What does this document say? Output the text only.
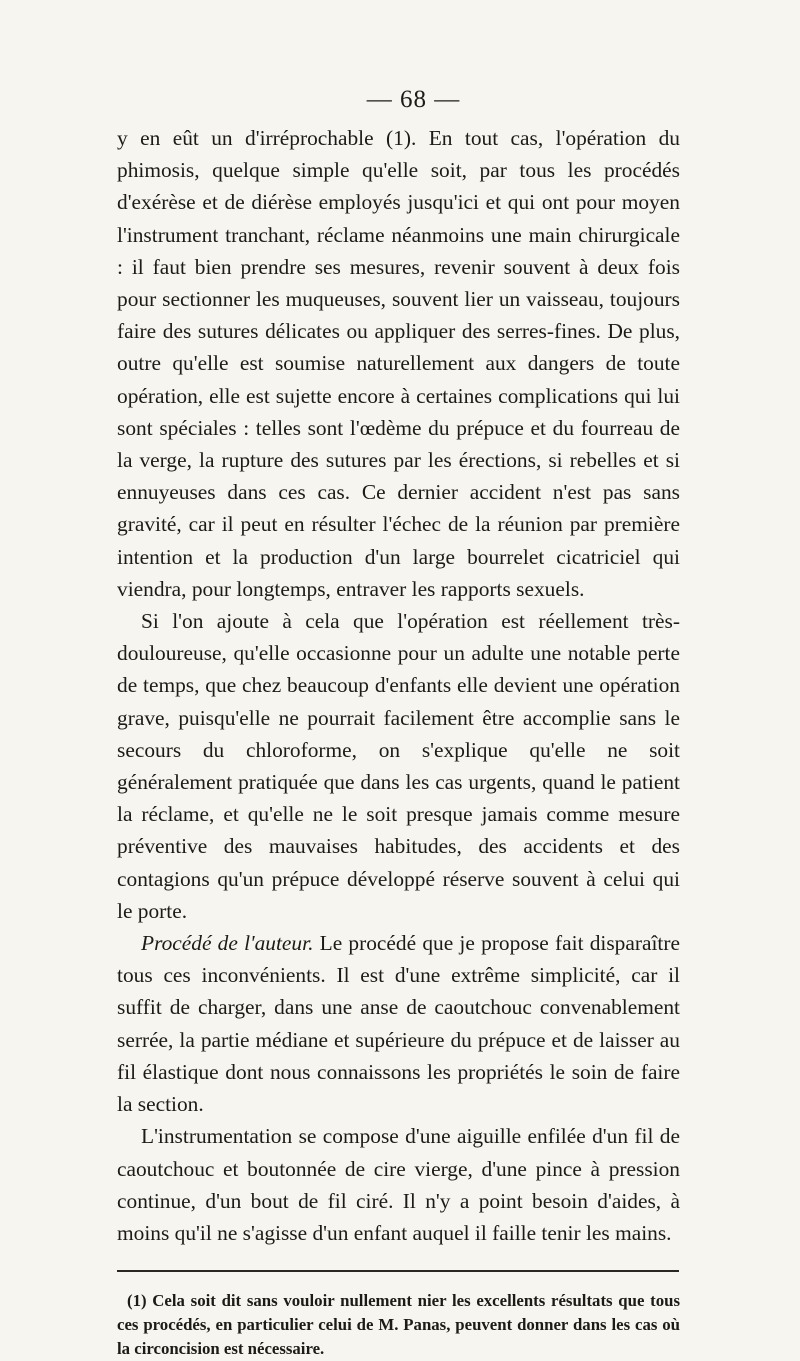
— 68 —

y en eût un d'irréprochable (1). En tout cas, l'opération du phimosis, quelque simple qu'elle soit, par tous les procédés d'exérèse et de diérèse employés jusqu'ici et qui ont pour moyen l'instrument tranchant, réclame néanmoins une main chirurgicale : il faut bien prendre ses mesures, revenir souvent à deux fois pour sectionner les muqueuses, souvent lier un vaisseau, toujours faire des sutures délicates ou appliquer des serres-fines. De plus, outre qu'elle est soumise naturellement aux dangers de toute opération, elle est sujette encore à certaines complications qui lui sont spéciales : telles sont l'œdème du prépuce et du fourreau de la verge, la rupture des sutures par les érections, si rebelles et si ennuyeuses dans ces cas. Ce dernier accident n'est pas sans gravité, car il peut en résulter l'échec de la réunion par première intention et la production d'un large bourrelet cicatriciel qui viendra, pour longtemps, entraver les rapports sexuels.

Si l'on ajoute à cela que l'opération est réellement très-douloureuse, qu'elle occasionne pour un adulte une notable perte de temps, que chez beaucoup d'enfants elle devient une opération grave, puisqu'elle ne pourrait facilement être accomplie sans le secours du chloroforme, on s'explique qu'elle ne soit généralement pratiquée que dans les cas urgents, quand le patient la réclame, et qu'elle ne le soit presque jamais comme mesure préventive des mauvaises habitudes, des accidents et des contagions qu'un prépuce développé réserve souvent à celui qui le porte.

Procédé de l'auteur. Le procédé que je propose fait disparaître tous ces inconvénients. Il est d'une extrême simplicité, car il suffit de charger, dans une anse de caoutchouc convenablement serrée, la partie médiane et supérieure du prépuce et de laisser au fil élastique dont nous connaissons les propriétés le soin de faire la section.

L'instrumentation se compose d'une aiguille enfilée d'un fil de caoutchouc et boutonnée de cire vierge, d'une pince à pression continue, d'un bout de fil ciré. Il n'y a point besoin d'aides, à moins qu'il ne s'agisse d'un enfant auquel il faille tenir les mains.

(1) Cela soit dit sans vouloir nullement nier les excellents résultats que tous ces procédés, en particulier celui de M. Panas, peuvent donner dans les cas où la circoncision est nécessaire.
